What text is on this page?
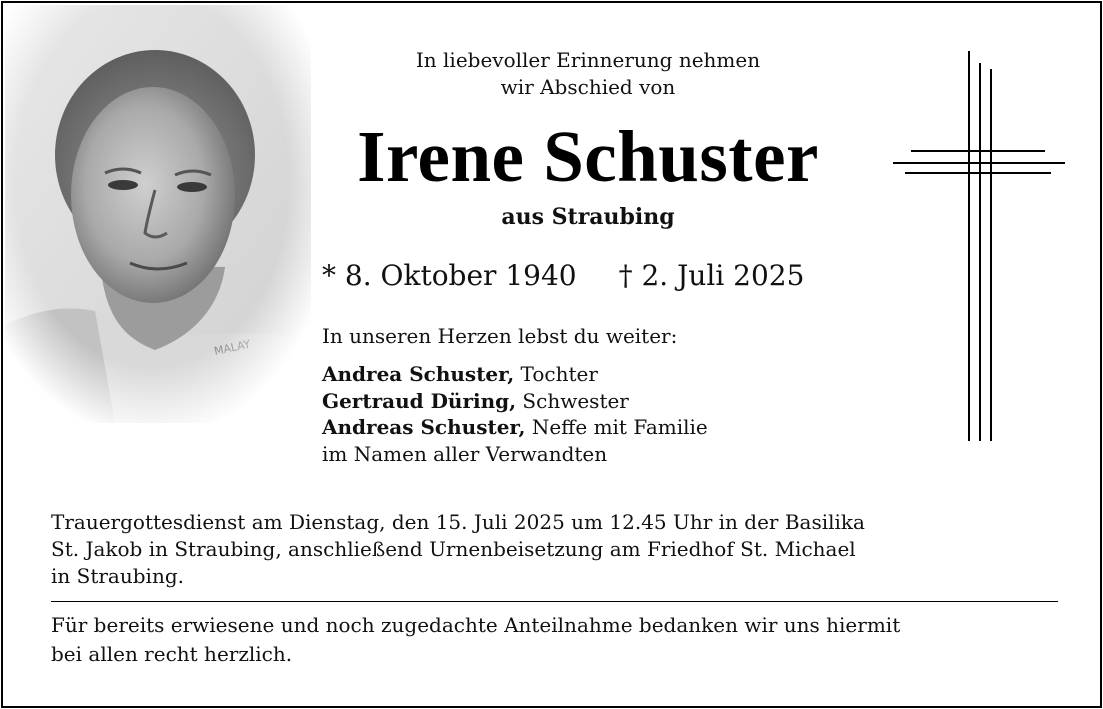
In liebevoller Erinnerung nehmen
wir Abschied von
Irene Schuster
aus Straubing
* 8. Oktober 1940 † 2. Juli 2025
In unseren Herzen lebst du weiter:
Andrea Schuster, Tochter
Gertraud Düring, Schwester
Andreas Schuster, Neffe mit Familie
im Namen aller Verwandten
Trauergottesdienst am Dienstag, den 15. Juli 2025 um 12.45 Uhr in der Basilika
St. Jakob in Straubing, anschließend Urnenbeisetzung am Friedhof St. Michael
in Straubing.
Für bereits erwiesene und noch zugedachte Anteilnahme bedanken wir uns hiermit
bei allen recht herzlich.
